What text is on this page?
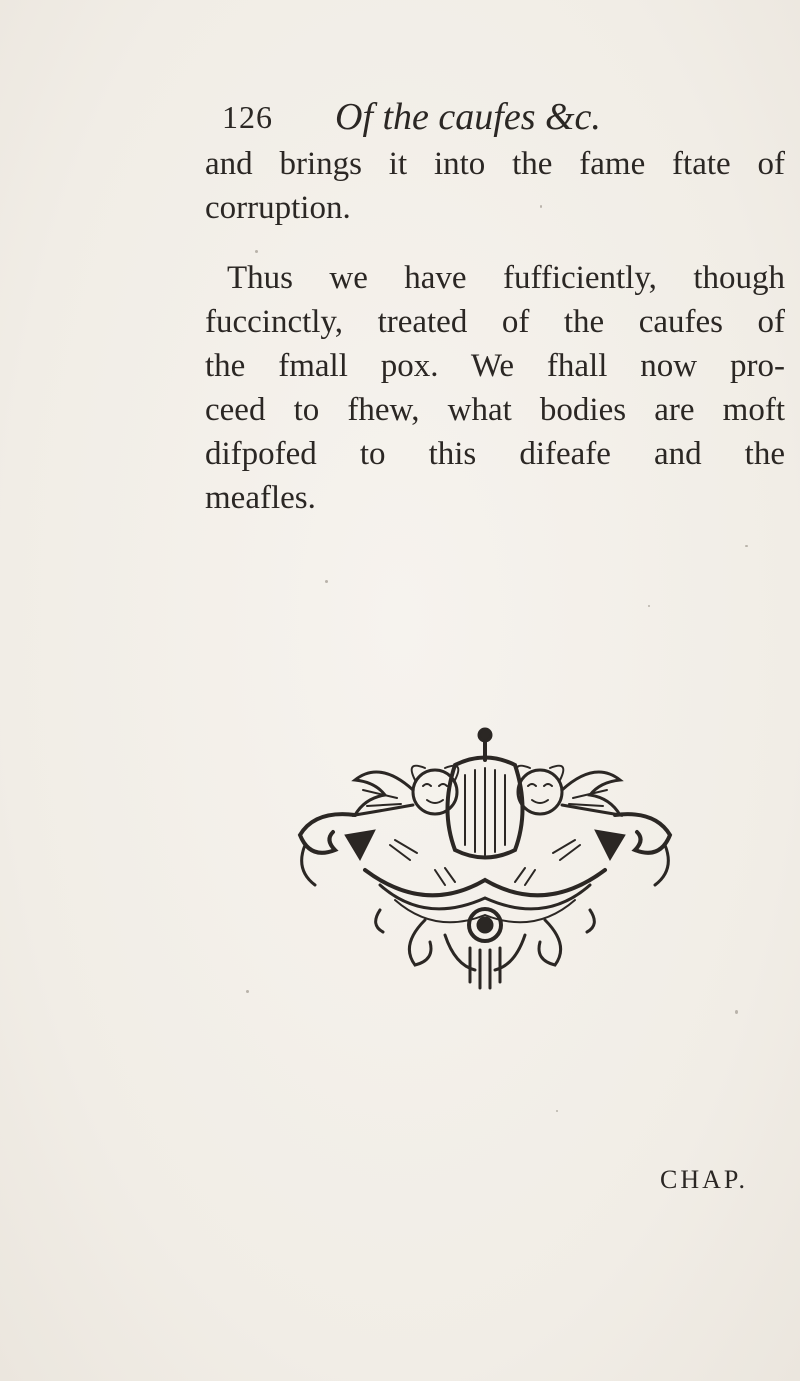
126 Of the caufes &c.
and brings it into the fame ftate of
corruption.
Thus we have fufficiently, though
fuccinctly, treated of the caufes of
the fmall pox. We fhall now pro-
ceed to fhew, what bodies are moft
difpofed to this difeafe and the
meafles.
CHAP.
